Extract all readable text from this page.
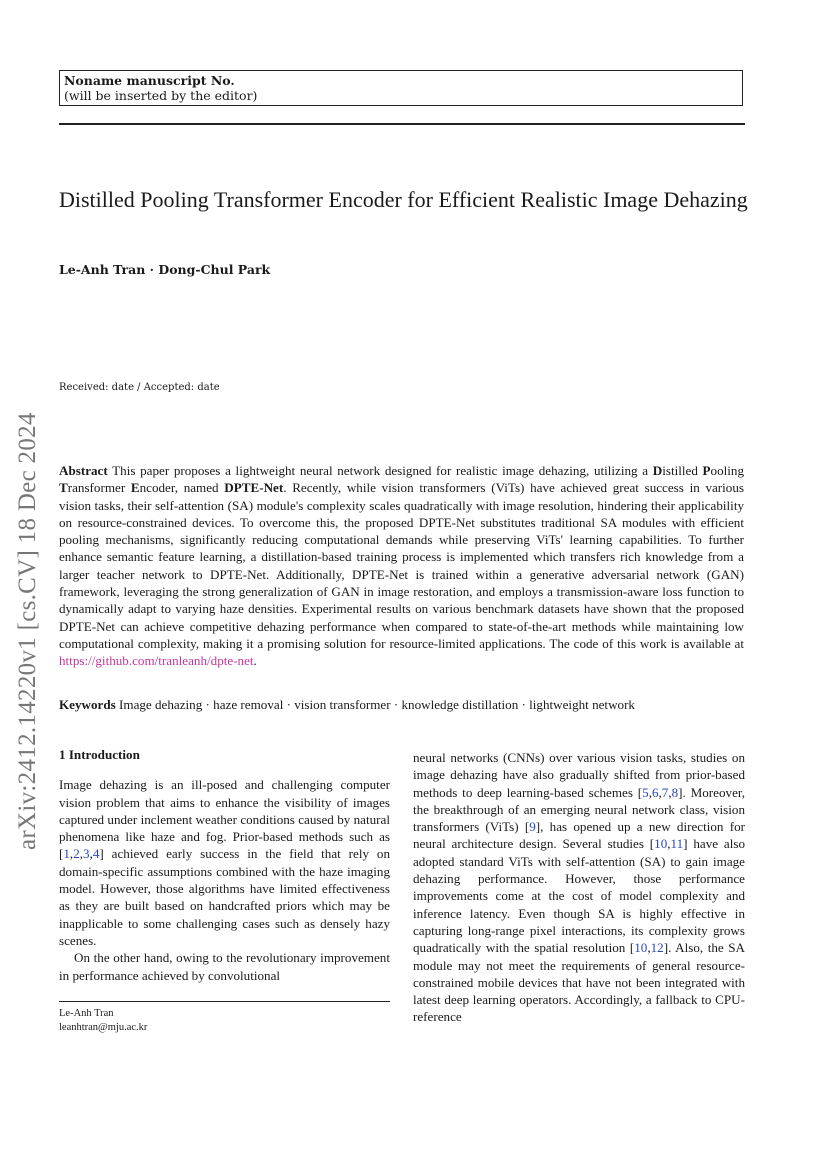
Noname manuscript No.
(will be inserted by the editor)
Distilled Pooling Transformer Encoder for Efficient Realistic Image Dehazing
Le-Anh Tran · Dong-Chul Park
arXiv:2412.14220v1 [cs.CV] 18 Dec 2024
Received: date / Accepted: date
Abstract This paper proposes a lightweight neural network designed for realistic image dehazing, utilizing a Distilled Pooling Transformer Encoder, named DPTE-Net. Recently, while vision transformers (ViTs) have achieved great success in various vision tasks, their self-attention (SA) module's complexity scales quadratically with image resolution, hindering their applicability on resource-constrained devices. To overcome this, the proposed DPTE-Net substitutes traditional SA modules with efficient pooling mechanisms, significantly reducing computational demands while preserving ViTs' learning capabilities. To further enhance semantic feature learning, a distillation-based training process is implemented which transfers rich knowledge from a larger teacher network to DPTE-Net. Additionally, DPTE-Net is trained within a generative adversarial network (GAN) framework, leveraging the strong generalization of GAN in image restoration, and employs a transmission-aware loss function to dynamically adapt to varying haze densities. Experimental results on various benchmark datasets have shown that the proposed DPTE-Net can achieve competitive dehazing performance when compared to state-of-the-art methods while maintaining low computational complexity, making it a promising solution for resource-limited applications. The code of this work is available at https://github.com/tranleanh/dpte-net.
Keywords Image dehazing · haze removal · vision transformer · knowledge distillation · lightweight network
1 Introduction
Image dehazing is an ill-posed and challenging computer vision problem that aims to enhance the visibility of images captured under inclement weather conditions caused by natural phenomena like haze and fog. Prior-based methods such as [1,2,3,4] achieved early success in the field that rely on domain-specific assumptions combined with the haze imaging model. However, those algorithms have limited effectiveness as they are built based on handcrafted priors which may be inapplicable to some challenging cases such as densely hazy scenes.
On the other hand, owing to the revolutionary improvement in performance achieved by convolutional
neural networks (CNNs) over various vision tasks, studies on image dehazing have also gradually shifted from prior-based methods to deep learning-based schemes [5,6,7,8]. Moreover, the breakthrough of an emerging neural network class, vision transformers (ViTs) [9], has opened up a new direction for neural architecture design. Several studies [10,11] have also adopted standard ViTs with self-attention (SA) to gain image dehazing performance. However, those performance improvements come at the cost of model complexity and inference latency. Even though SA is highly effective in capturing long-range pixel interactions, its complexity grows quadratically with the spatial resolution [10,12]. Also, the SA module may not meet the requirements of general resource-constrained mobile devices that have not been integrated with latest deep learning operators. Accordingly, a fallback to CPU-reference
Le-Anh Tran
leanhtran@mju.ac.kr
